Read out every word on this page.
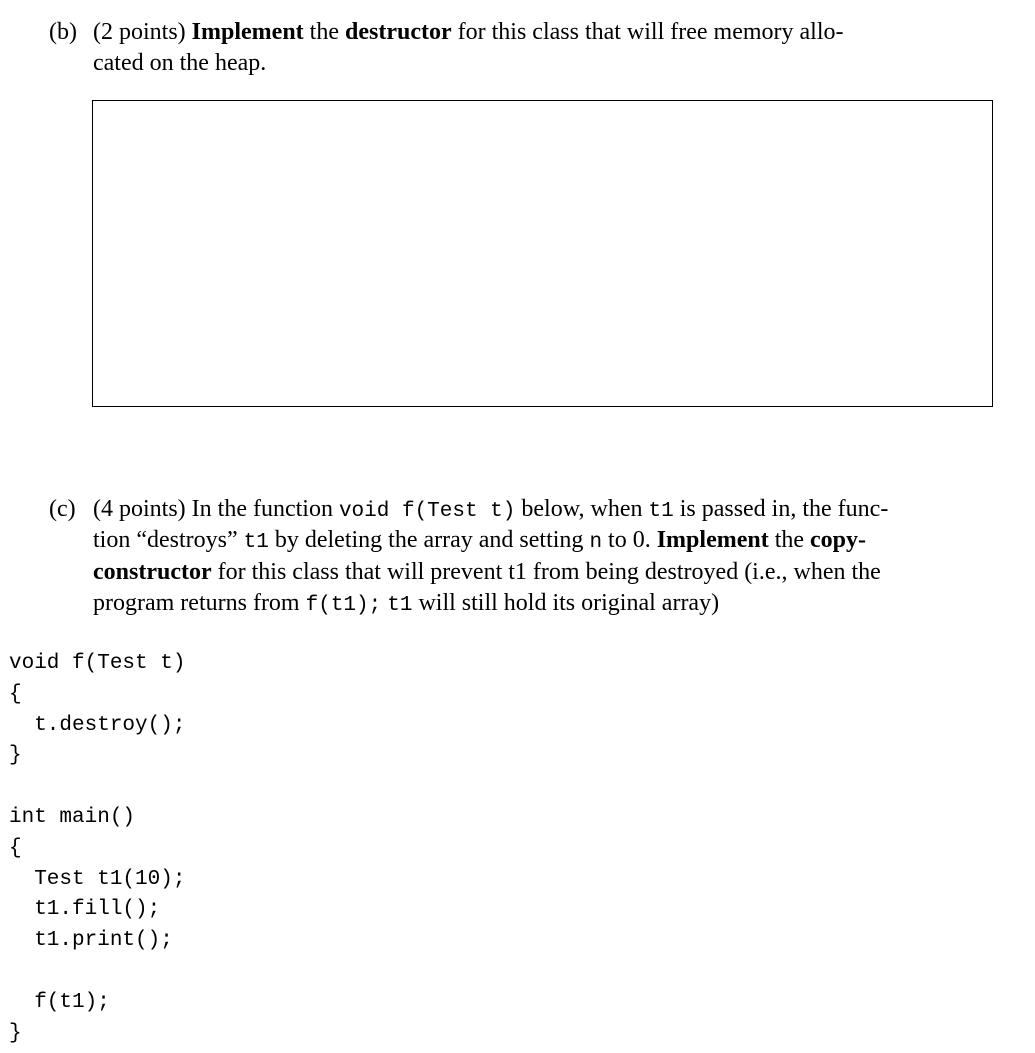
(b) (2 points) Implement the destructor for this class that will free memory allo-
cated on the heap.
(c) (4 points) In the function void f(Test t) below, when t1 is passed in, the func-
tion “destroys” t1 by deleting the array and setting n to 0. Implement the copy-
constructor for this class that will prevent t1 from being destroyed (i.e., when the
program returns from f(t1); t1 will still hold its original array)
void f(Test t)
{
t.destroy();
}
int main()
{
Test t1(10);
t1.fill();
t1.print();
f(t1);
}
